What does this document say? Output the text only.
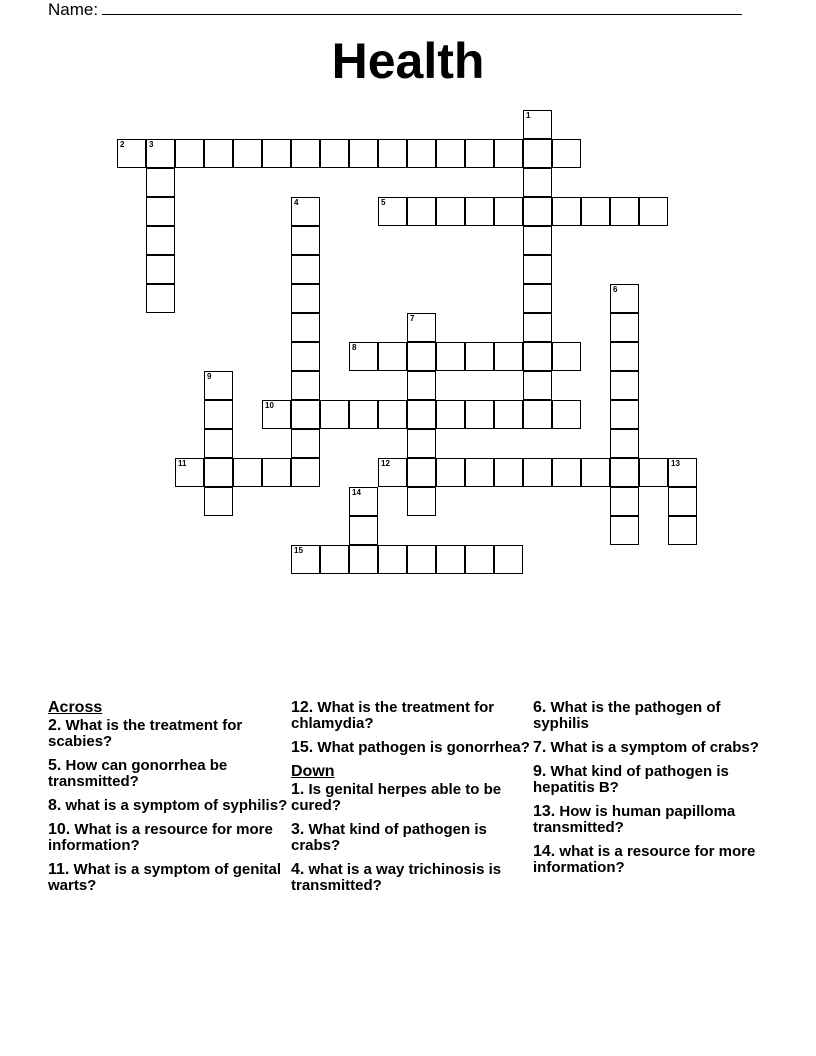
Name:
Health
1
2	3
4	5
6
7
8
9
10
11	12	13
14
15
Across
2. What is the treatment for scabies?
5. How can gonorrhea be transmitted?
8. what is a symptom of syphilis?
10. What is a resource for more information?
11. What is a symptom of genital warts?
12. What is the treatment for chlamydia?
15. What pathogen is gonorrhea?
Down
1. Is genital herpes able to be cured?
3. What kind of pathogen is crabs?
4. what is a way trichinosis is transmitted?
6. What is the pathogen of syphilis
7. What is a symptom of crabs?
9. What kind of pathogen is hepatitis B?
13. How is human papilloma transmitted?
14. what is a resource for more information?
